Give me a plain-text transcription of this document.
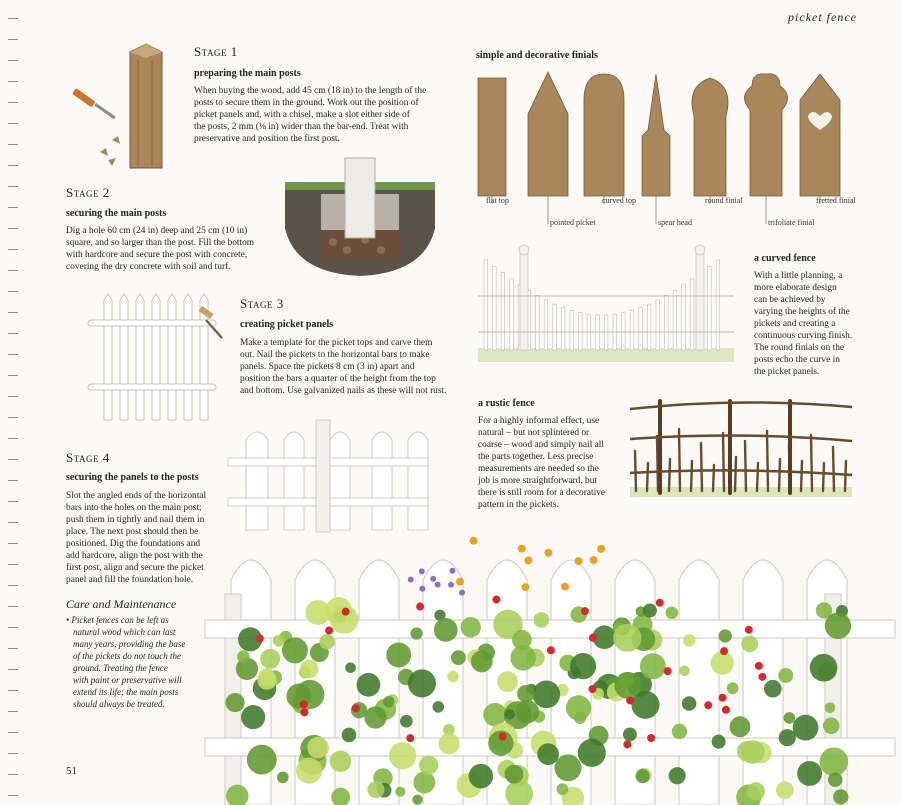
picket fence
Stage 1
preparing the main posts
When buying the wood, add 45 cm (18 in) to the length of the
posts to secure them in the ground. Work out the position of
picket panels and, with a chisel, make a slot either side of
the posts, 2 mm (⅛ in) wider than the bar-end. Treat with
preservative and position the first post.
Stage 2
securing the main posts
Dig a hole 60 cm (24 in) deep and 25 cm (10 in)
square, and so larger than the post. Fill the bottom
with hardcore and secure the post with concrete,
covering the dry concrete with soil and turf.
Stage 3
creating picket panels
Make a template for the picket tops and carve them
out. Nail the pickets to the horizontal bars to make
panels. Space the pickets 8 cm (3 in) apart and
position the bars a quarter of the height from the top
and bottom. Use galvanized nails as these will not rust.
Stage 4
securing the panels to the posts
Slot the angled ends of the horizontal
bars into the holes on the main post;
push them in tightly and nail them in
place. The next post should then be
positioned. Dig the foundations and
add hardcore, align the post with the
first post, align and secure the picket
panel and fill the foundation hole.
Care and Maintenance
• Picket fences can be left as
natural wood which can last
many years, providing the base
of the pickets do not touch the
ground. Treating the fence
with paint or preservative will
extend its life; the main posts
should always be treated.
51
simple and decorative finials
flat top
pointed picket
curved top
spear head
round finial
trifoliate finial
fretted finial
a curved fence
With a little planning, a
more elaborate design
can be achieved by
varying the heights of the
pickets and creating a
continuous curving finish.
The round finials on the
posts echo the curve in
the picket panels.
a rustic fence
For a highly informal effect, use
natural – but not splintered or
coarse – wood and simply nail all
the parts together. Less precise
measurements are needed so the
job is more straightforward, but
there is still room for a decorative
pattern in the pickets.
